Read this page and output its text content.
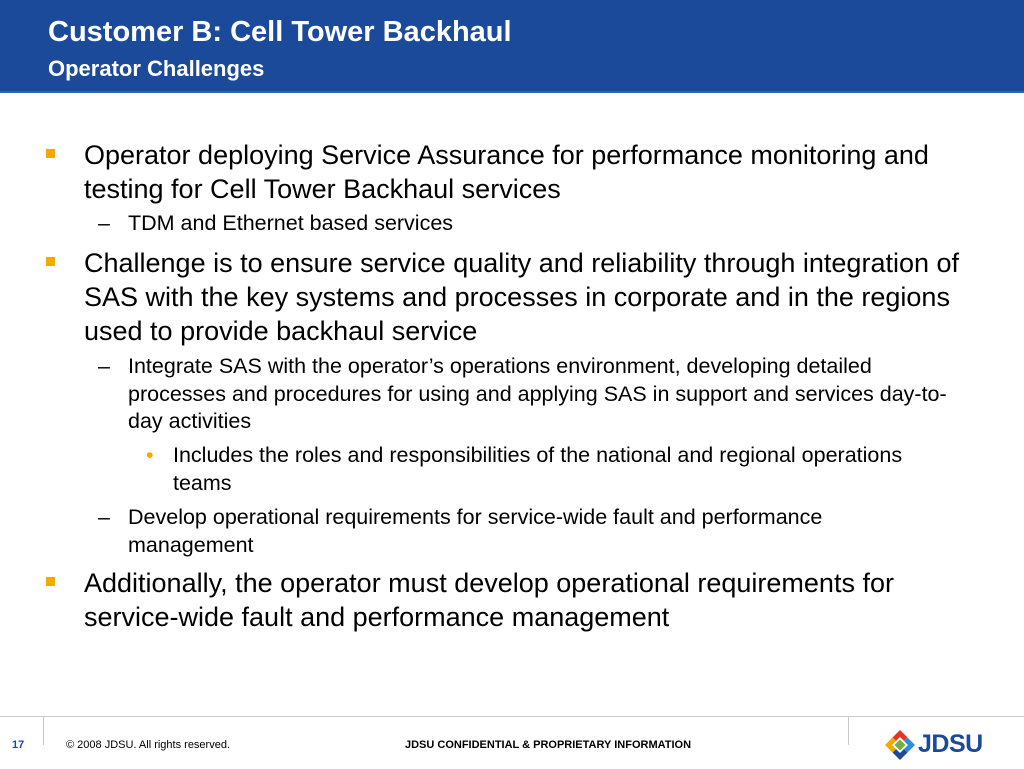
Customer B: Cell Tower Backhaul
Operator Challenges
Operator deploying Service Assurance for performance monitoring and testing for Cell Tower Backhaul services
– TDM and Ethernet based services
Challenge is to ensure service quality and reliability through integration of SAS with the key systems and processes in corporate and in the regions used to provide backhaul service
– Integrate SAS with the operator’s operations environment, developing detailed processes and procedures for using and applying SAS in support and services day-to-day activities
• Includes the roles and responsibilities of the national and regional operations teams
– Develop operational requirements for service-wide fault and performance management
Additionally, the operator must develop operational requirements for service-wide fault and performance management
17	© 2008 JDSU. All rights reserved.	JDSU CONFIDENTIAL & PROPRIETARY INFORMATION	JDSU
